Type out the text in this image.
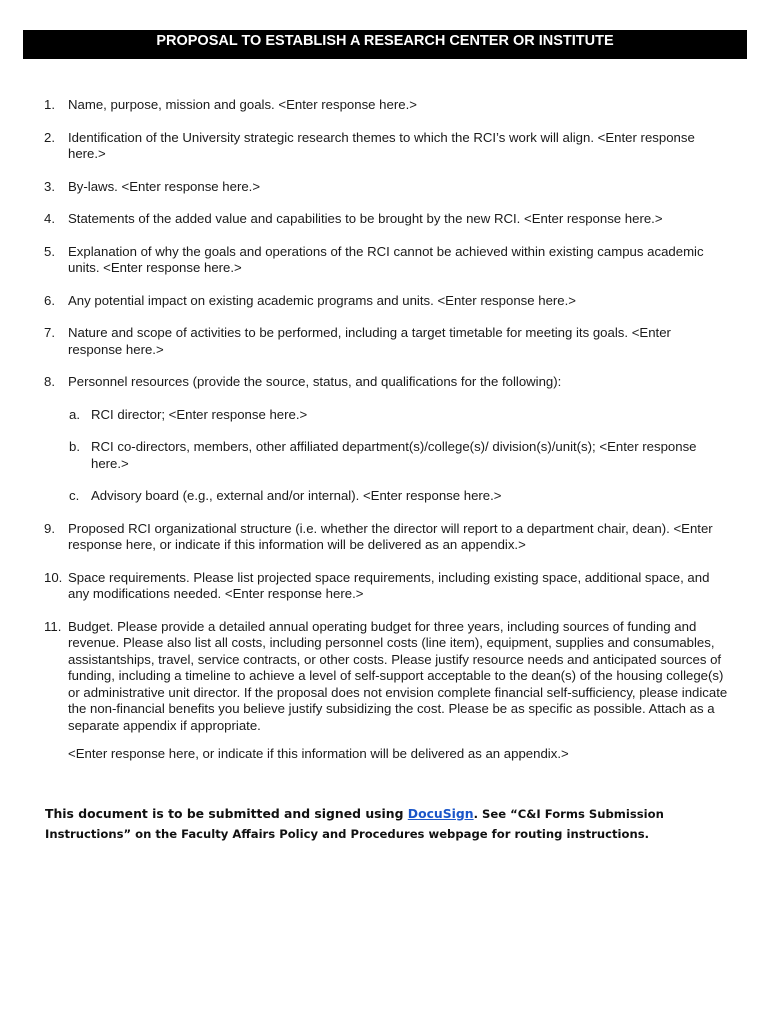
PROPOSAL TO ESTABLISH A RESEARCH CENTER OR INSTITUTE
1. Name, purpose, mission and goals. <Enter response here.>
2. Identification of the University strategic research themes to which the RCI’s work will align. <Enter response here.>
3. By-laws. <Enter response here.>
4. Statements of the added value and capabilities to be brought by the new RCI. <Enter response here.>
5. Explanation of why the goals and operations of the RCI cannot be achieved within existing campus academic units. <Enter response here.>
6. Any potential impact on existing academic programs and units. <Enter response here.>
7. Nature and scope of activities to be performed, including a target timetable for meeting its goals. <Enter response here.>
8. Personnel resources (provide the source, status, and qualifications for the following):
a. RCI director; <Enter response here.>
b. RCI co-directors, members, other affiliated department(s)/college(s)/ division(s)/unit(s); <Enter response here.>
c. Advisory board (e.g., external and/or internal). <Enter response here.>
9. Proposed RCI organizational structure (i.e. whether the director will report to a department chair, dean). <Enter response here, or indicate if this information will be delivered as an appendix.>
10. Space requirements. Please list projected space requirements, including existing space, additional space, and any modifications needed. <Enter response here.>
11. Budget. Please provide a detailed annual operating budget for three years, including sources of funding and revenue. Please also list all costs, including personnel costs (line item), equipment, supplies and consumables, assistantships, travel, service contracts, or other costs. Please justify resource needs and anticipated sources of funding, including a timeline to achieve a level of self-support acceptable to the dean(s) of the housing college(s) or administrative unit director. If the proposal does not envision complete financial self-sufficiency, please indicate the non-financial benefits you believe justify subsidizing the cost. Please be as specific as possible. Attach as a separate appendix if appropriate.
<Enter response here, or indicate if this information will be delivered as an appendix.>
This document is to be submitted and signed using DocuSign. See “C&I Forms Submission Instructions” on the Faculty Affairs Policy and Procedures webpage for routing instructions.
